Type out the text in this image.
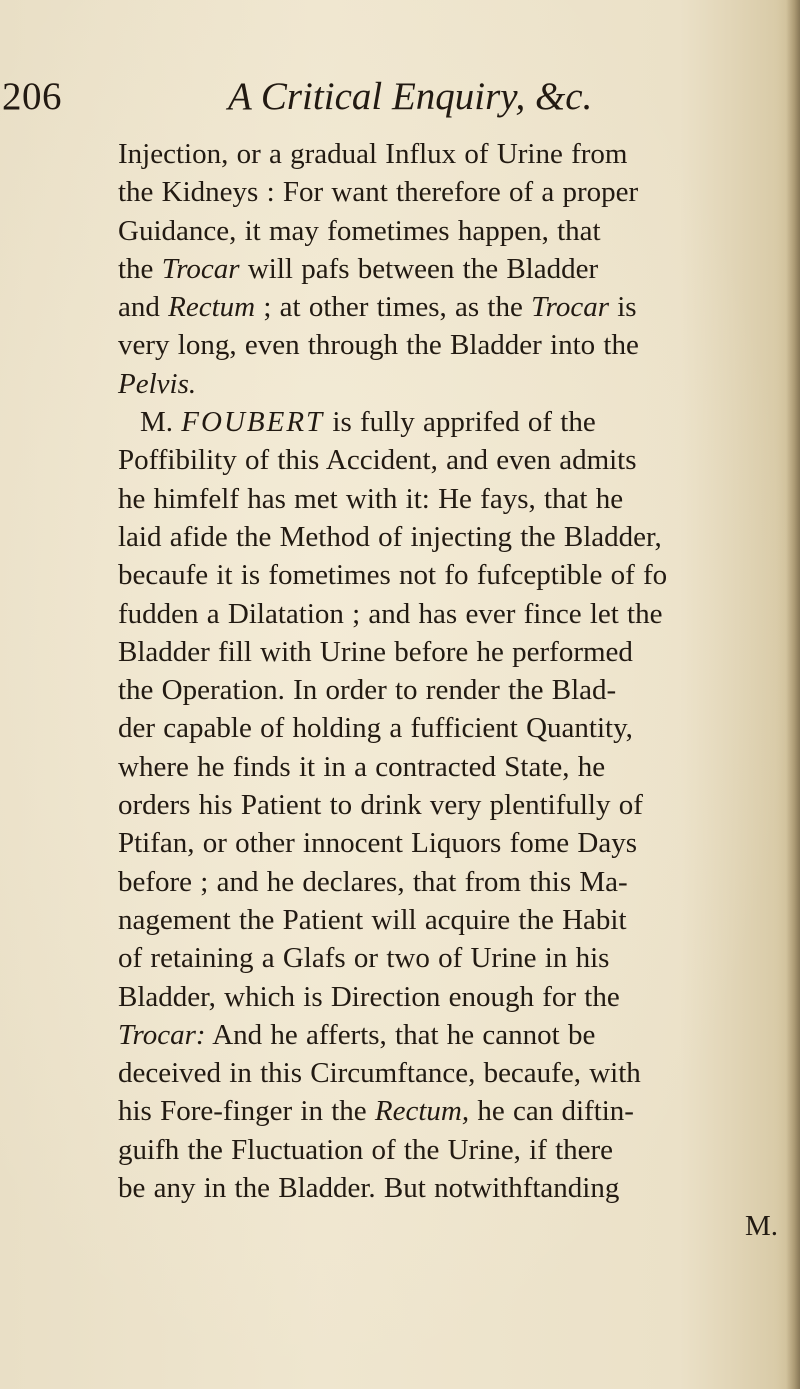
206	A Critical Enquiry, &c.
Injection, or a gradual Influx of Urine from
the Kidneys : For want therefore of a proper
Guidance, it may fometimes happen, that
the Trocar will pafs between the Bladder
and Rectum ; at other times, as the Trocar is
very long, even through the Bladder into the
Pelvis.
M. FOUBERT is fully apprifed of the
Poffibility of this Accident, and even admits
he himfelf has met with it: He fays, that he
laid afide the Method of injecting the Bladder,
becaufe it is fometimes not fo fufceptible of fo
fudden a Dilatation ; and has ever fince let the
Bladder fill with Urine before he performed
the Operation. In order to render the Blad-
der capable of holding a fufficient Quantity,
where he finds it in a contracted State, he
orders his Patient to drink very plentifully of
Ptifan, or other innocent Liquors fome Days
before ; and he declares, that from this Ma-
nagement the Patient will acquire the Habit
of retaining a Glafs or two of Urine in his
Bladder, which is Direction enough for the
Trocar: And he afferts, that he cannot be
deceived in this Circumftance, becaufe, with
his Fore-finger in the Rectum, he can diftin-
guifh the Fluctuation of the Urine, if there
be any in the Bladder. But notwithftanding
M.
